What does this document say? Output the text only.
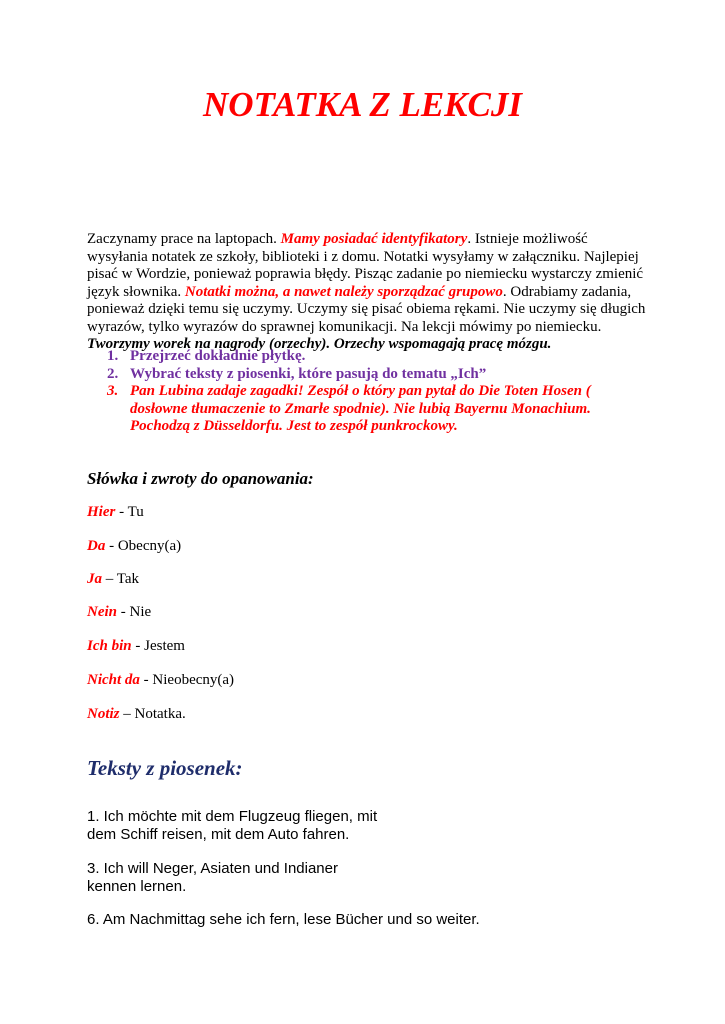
NOTATKA Z LEKCJI

Zaczynamy prace na laptopach. Mamy posiadać identyfikatory. Istnieje możliwość wysyłania notatek ze szkoły, biblioteki i z domu. Notatki wysyłamy w załączniku. Najlepiej pisać w Wordzie, ponieważ poprawia błędy. Pisząc zadanie po niemiecku wystarczy zmienić język słownika. Notatki można, a nawet należy sporządzać grupowo. Odrabiamy zadania, ponieważ dzięki temu się uczymy. Uczymy się pisać obiema rękami. Nie uczymy się długich wyrazów, tylko wyrazów do sprawnej komunikacji. Na lekcji mówimy po niemiecku.
Tworzymy worek na nagrody (orzechy). Orzechy wspomagają pracę mózgu.

1. Przejrzeć dokładnie płytkę.
2. Wybrać teksty z piosenki, które pasują do tematu „Ich”
3. Pan Lubina zadaje zagadki! Zespół o który pan pytał do Die Toten Hosen ( dosłowne tłumaczenie to Zmarłe spodnie). Nie lubią Bayernu Monachium. Pochodzą z Düsseldorfu. Jest to zespół punkrockowy.
Słówka i zwroty do opanowania:

Hier - Tu

Da - Obecny(a)

Ja – Tak

Nein - Nie

Ich bin - Jestem

Nicht da - Nieobecny(a)

Notiz – Notatka.

Teksty z piosenek:

1. Ich möchte mit dem Flugzeug fliegen, mit
dem Schiff reisen, mit dem Auto fahren.

3. Ich will Neger, Asiaten und Indianer
kennen lernen.

6. Am Nachmittag sehe ich fern, lese Bücher und so weiter.
